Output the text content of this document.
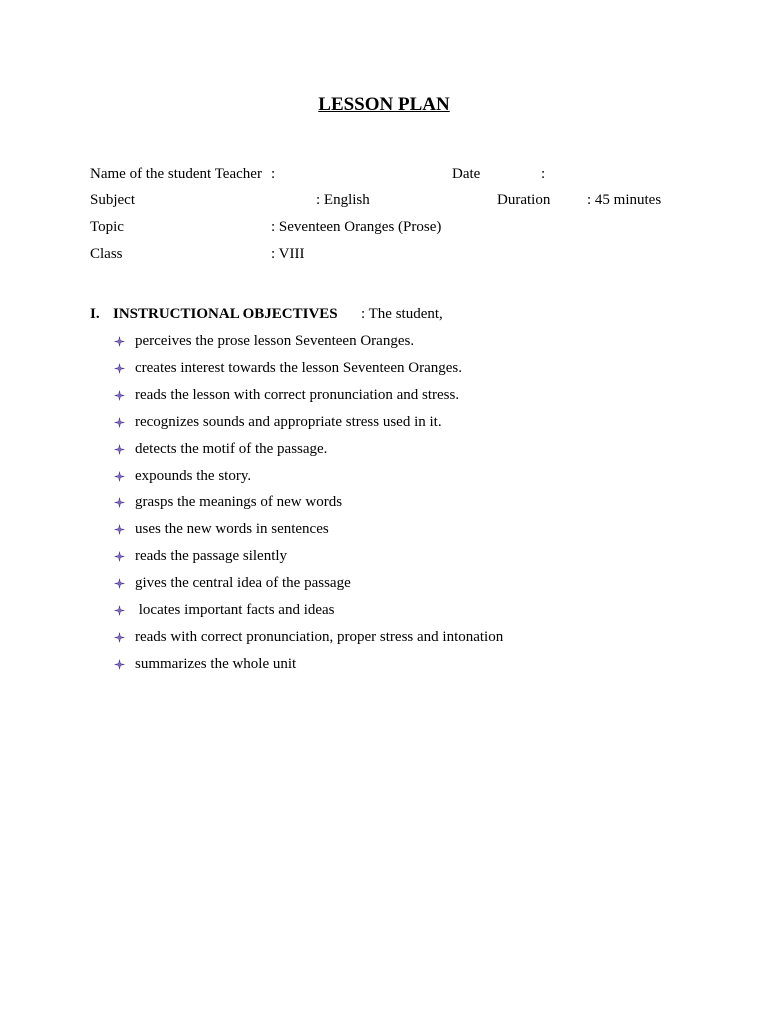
LESSON PLAN
Name of the student Teacher :	Date	:
Subject	: English	Duration : 45 minutes
Topic	: Seventeen Oranges (Prose)
Class	: VIII
I. INSTRUCTIONAL OBJECTIVES : The student,
perceives the prose lesson Seventeen Oranges.
creates interest towards the lesson Seventeen Oranges.
reads the lesson with correct pronunciation and stress.
recognizes sounds and appropriate stress used in it.
detects the motif of the passage.
expounds the story.
grasps the meanings of new words
uses the new words in sentences
reads the passage silently
gives the central idea of the passage
locates important facts and ideas
reads with correct pronunciation, proper stress and intonation
summarizes the whole unit
